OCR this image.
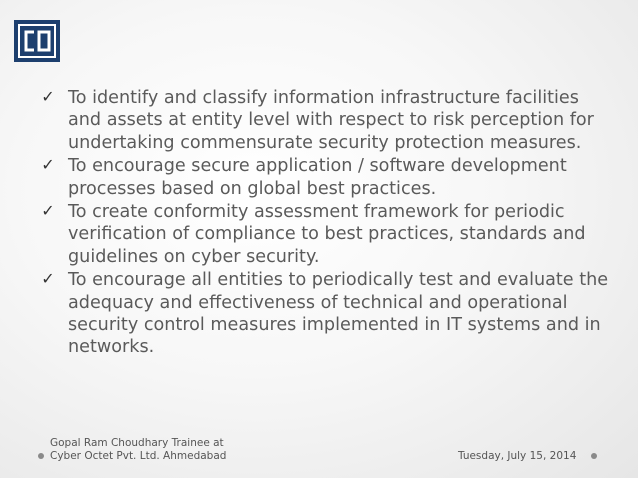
✓ To identify and classify information infrastructure facilities and assets at entity level with respect to risk perception for undertaking commensurate security protection measures.
✓ To encourage secure application / software development processes based on global best practices.
✓ To create conformity assessment framework for periodic verification of compliance to best practices, standards and guidelines on cyber security.
✓ To encourage all entities to periodically test and evaluate the adequacy and effectiveness of technical and operational security control measures implemented in IT systems and in networks.
Gopal Ram Choudhary Trainee at
Cyber Octet Pvt. Ltd. Ahmedabad	Tuesday, July 15, 2014
